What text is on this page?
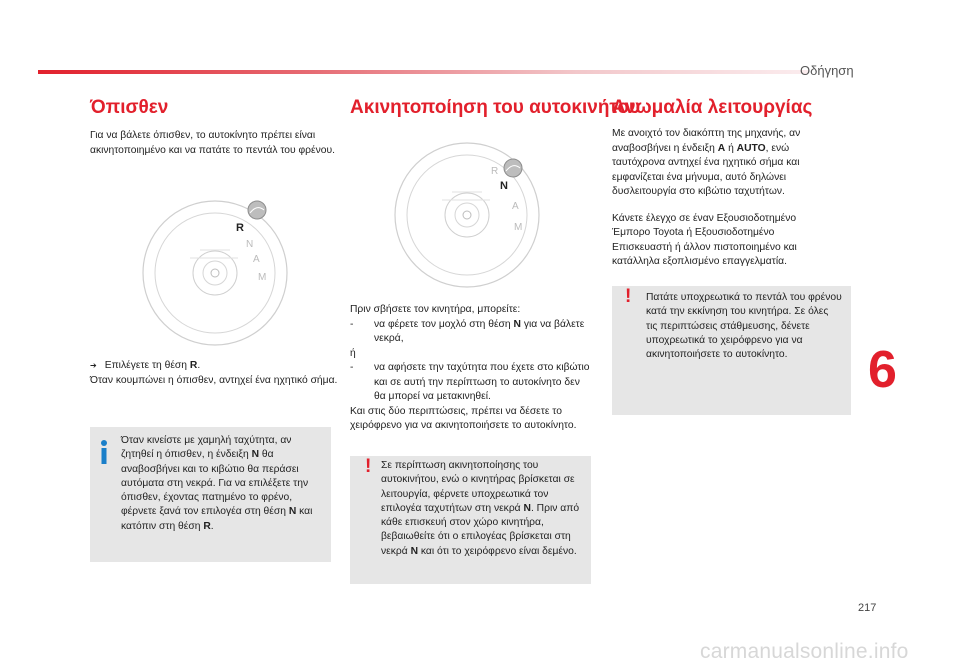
Οδήγηση
Όπισθεν
Για να βάλετε όπισθεν, το αυτοκίνητο πρέπει είναι ακινητοποιημένο και να πατάτε το πεντάλ του φρένου.
R
N
A
M

➔ Επιλέγετε τη θέση R.

Όταν κουμπώνει η όπισθεν, αντηχεί ένα ηχητικό σήμα.

Όταν κινείστε με χαμηλή ταχύτητα, αν ζητηθεί η όπισθεν, η ένδειξη N θα αναβοσβήνει και το κιβώτιο θα περάσει αυτόματα στη νεκρά. Για να επιλέξετε την όπισθεν, έχοντας πατημένο το φρένο, φέρνετε ξανά τον επιλογέα στη θέση N και κατόπιν στη θέση R.

Ακινητοποίηση του αυτοκινήτου
R
N
A
M

Πριν σβήσετε τον κινητήρα, μπορείτε:

- να φέρετε τον μοχλό στη θέση N για να βάλετε νεκρά,

ή

- να αφήσετε την ταχύτητα που έχετε στο κιβώτιο και σε αυτή την περίπτωση το αυτοκίνητο δεν θα μπορεί να μετακινηθεί.

Και στις δύο περιπτώσεις, πρέπει να δέσετε το χειρόφρενο για να ακινητοποιήσετε το αυτοκίνητο.

! Σε περίπτωση ακινητοποίησης του αυτοκινήτου, ενώ ο κινητήρας βρίσκεται σε λειτουργία, φέρνετε υποχρεωτικά τον επιλογέα ταχυτήτων στη νεκρά N. Πριν από κάθε επισκευή στον χώρο κινητήρα, βεβαιωθείτε ότι ο επιλογέας βρίσκεται στη νεκρά N και ότι το χειρόφρενο είναι δεμένο.

Ανωμαλία λειτουργίας

Με ανοιχτό τον διακόπτη της μηχανής, αν αναβοσβήνει η ένδειξη A ή AUTO, ενώ ταυτόχρονα αντηχεί ένα ηχητικό σήμα και εμφανίζεται ένα μήνυμα, αυτό δηλώνει δυσλειτουργία στο κιβώτιο ταχυτήτων.

Κάνετε έλεγχο σε έναν Εξουσιοδοτημένο Έμπορο Toyota ή Εξουσιοδοτημένο Επισκευαστή ή άλλον πιστοποιημένο και κατάλληλα εξοπλισμένο επαγγελματία.

! Πατάτε υποχρεωτικά το πεντάλ του φρένου κατά την εκκίνηση του κινητήρα. Σε όλες τις περιπτώσεις στάθμευσης, δένετε υποχρεωτικά το χειρόφρενο για να ακινητοποιήσετε το αυτοκίνητο.	6
217
carmanualsonline.info
